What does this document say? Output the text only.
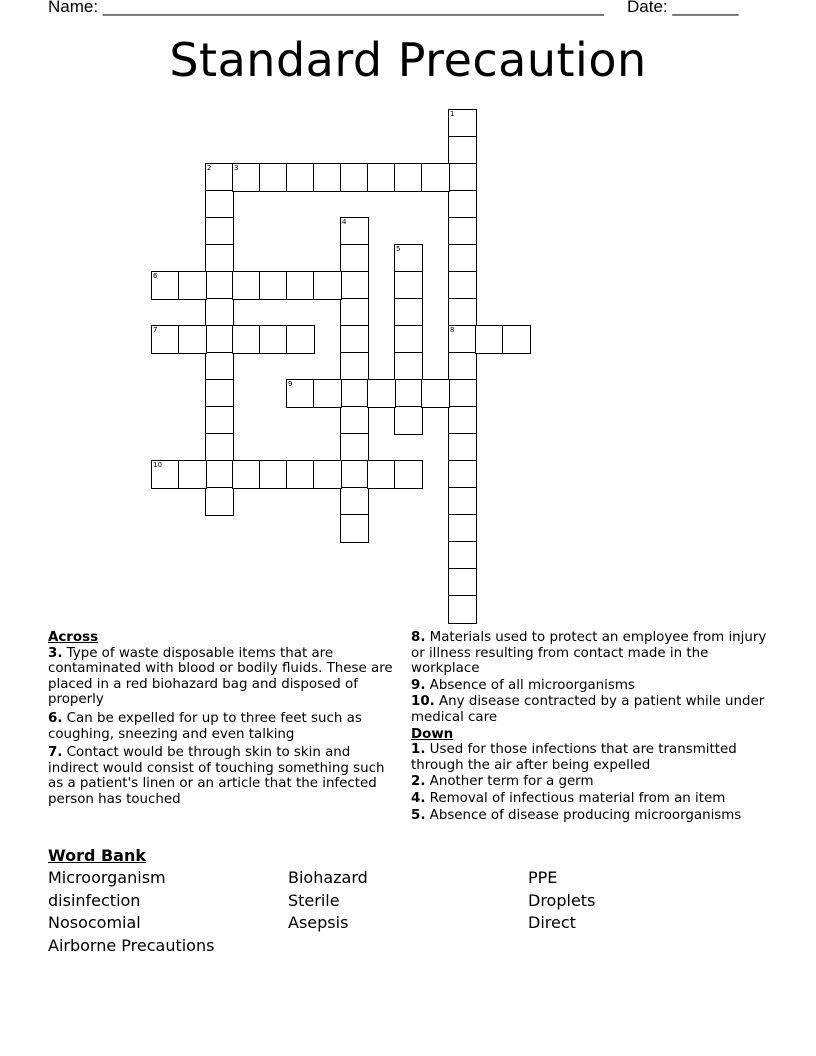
Name: _____________________________________________________ Date: _______
Standard Precaution
1
8
2	3
4
5
6
7
9
10
Across
3. Type of waste disposable items that are contaminated with blood or bodily fluids. These are placed in a red biohazard bag and disposed of properly
6. Can be expelled for up to three feet such as coughing, sneezing and even talking
7. Contact would be through skin to skin and indirect would consist of touching something such as a patient's linen or an article that the infected person has touched
8. Materials used to protect an employee from injury or illness resulting from contact made in the workplace
9. Absence of all microorganisms
10. Any disease contracted by a patient while under medical care
Down
1. Used for those infections that are transmitted through the air after being expelled
2. Another term for a germ
4. Removal of infectious material from an item
5. Absence of disease producing microorganisms
Word Bank
Microorganism	Biohazard	PPE
disinfection	Sterile	Droplets
Nosocomial	Asepsis	Direct
Airborne Precautions
